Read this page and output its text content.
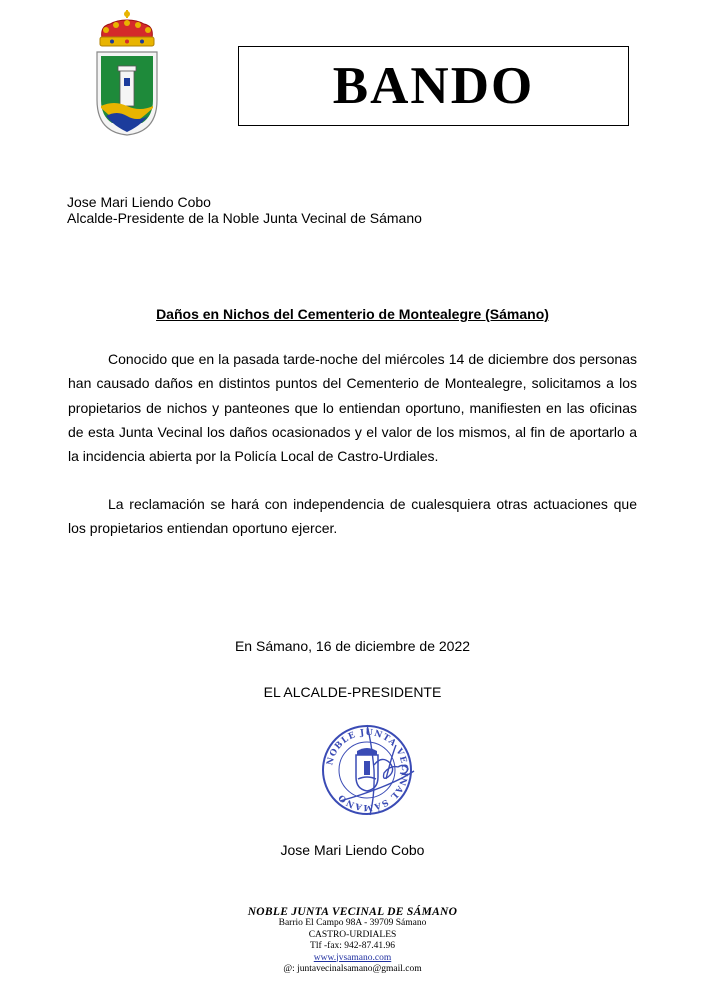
BANDO
Jose Mari Liendo Cobo
Alcalde-Presidente de la Noble Junta Vecinal de Sámano
Daños en Nichos del Cementerio de Montealegre (Sámano)

Conocido que en la pasada tarde-noche del miércoles 14 de diciembre dos personas han causado daños en distintos puntos del Cementerio de Montealegre, solicitamos a los propietarios de nichos y panteones que lo entiendan oportuno, manifiesten en las oficinas de esta Junta Vecinal los daños ocasionados y el valor de los mismos, al fin de aportarlo a la incidencia abierta por la Policía Local de Castro-Urdiales.

La reclamación se hará con independencia de cualesquiera otras actuaciones que los propietarios entiendan oportuno ejercer.

En Sámano, 16 de diciembre de 2022
EL ALCALDE-PRESIDENTE
NOBLE JUNTA VECINAL SÁMANO
Jose Mari Liendo Cobo
NOBLE JUNTA VECINAL DE SÁMANO
Barrio El Campo 98A - 39709 Sámano
CASTRO-URDIALES
Tlf -fax: 942-87.41.96
www.jvsamano.com
@: juntavecinalsamano@gmail.com
